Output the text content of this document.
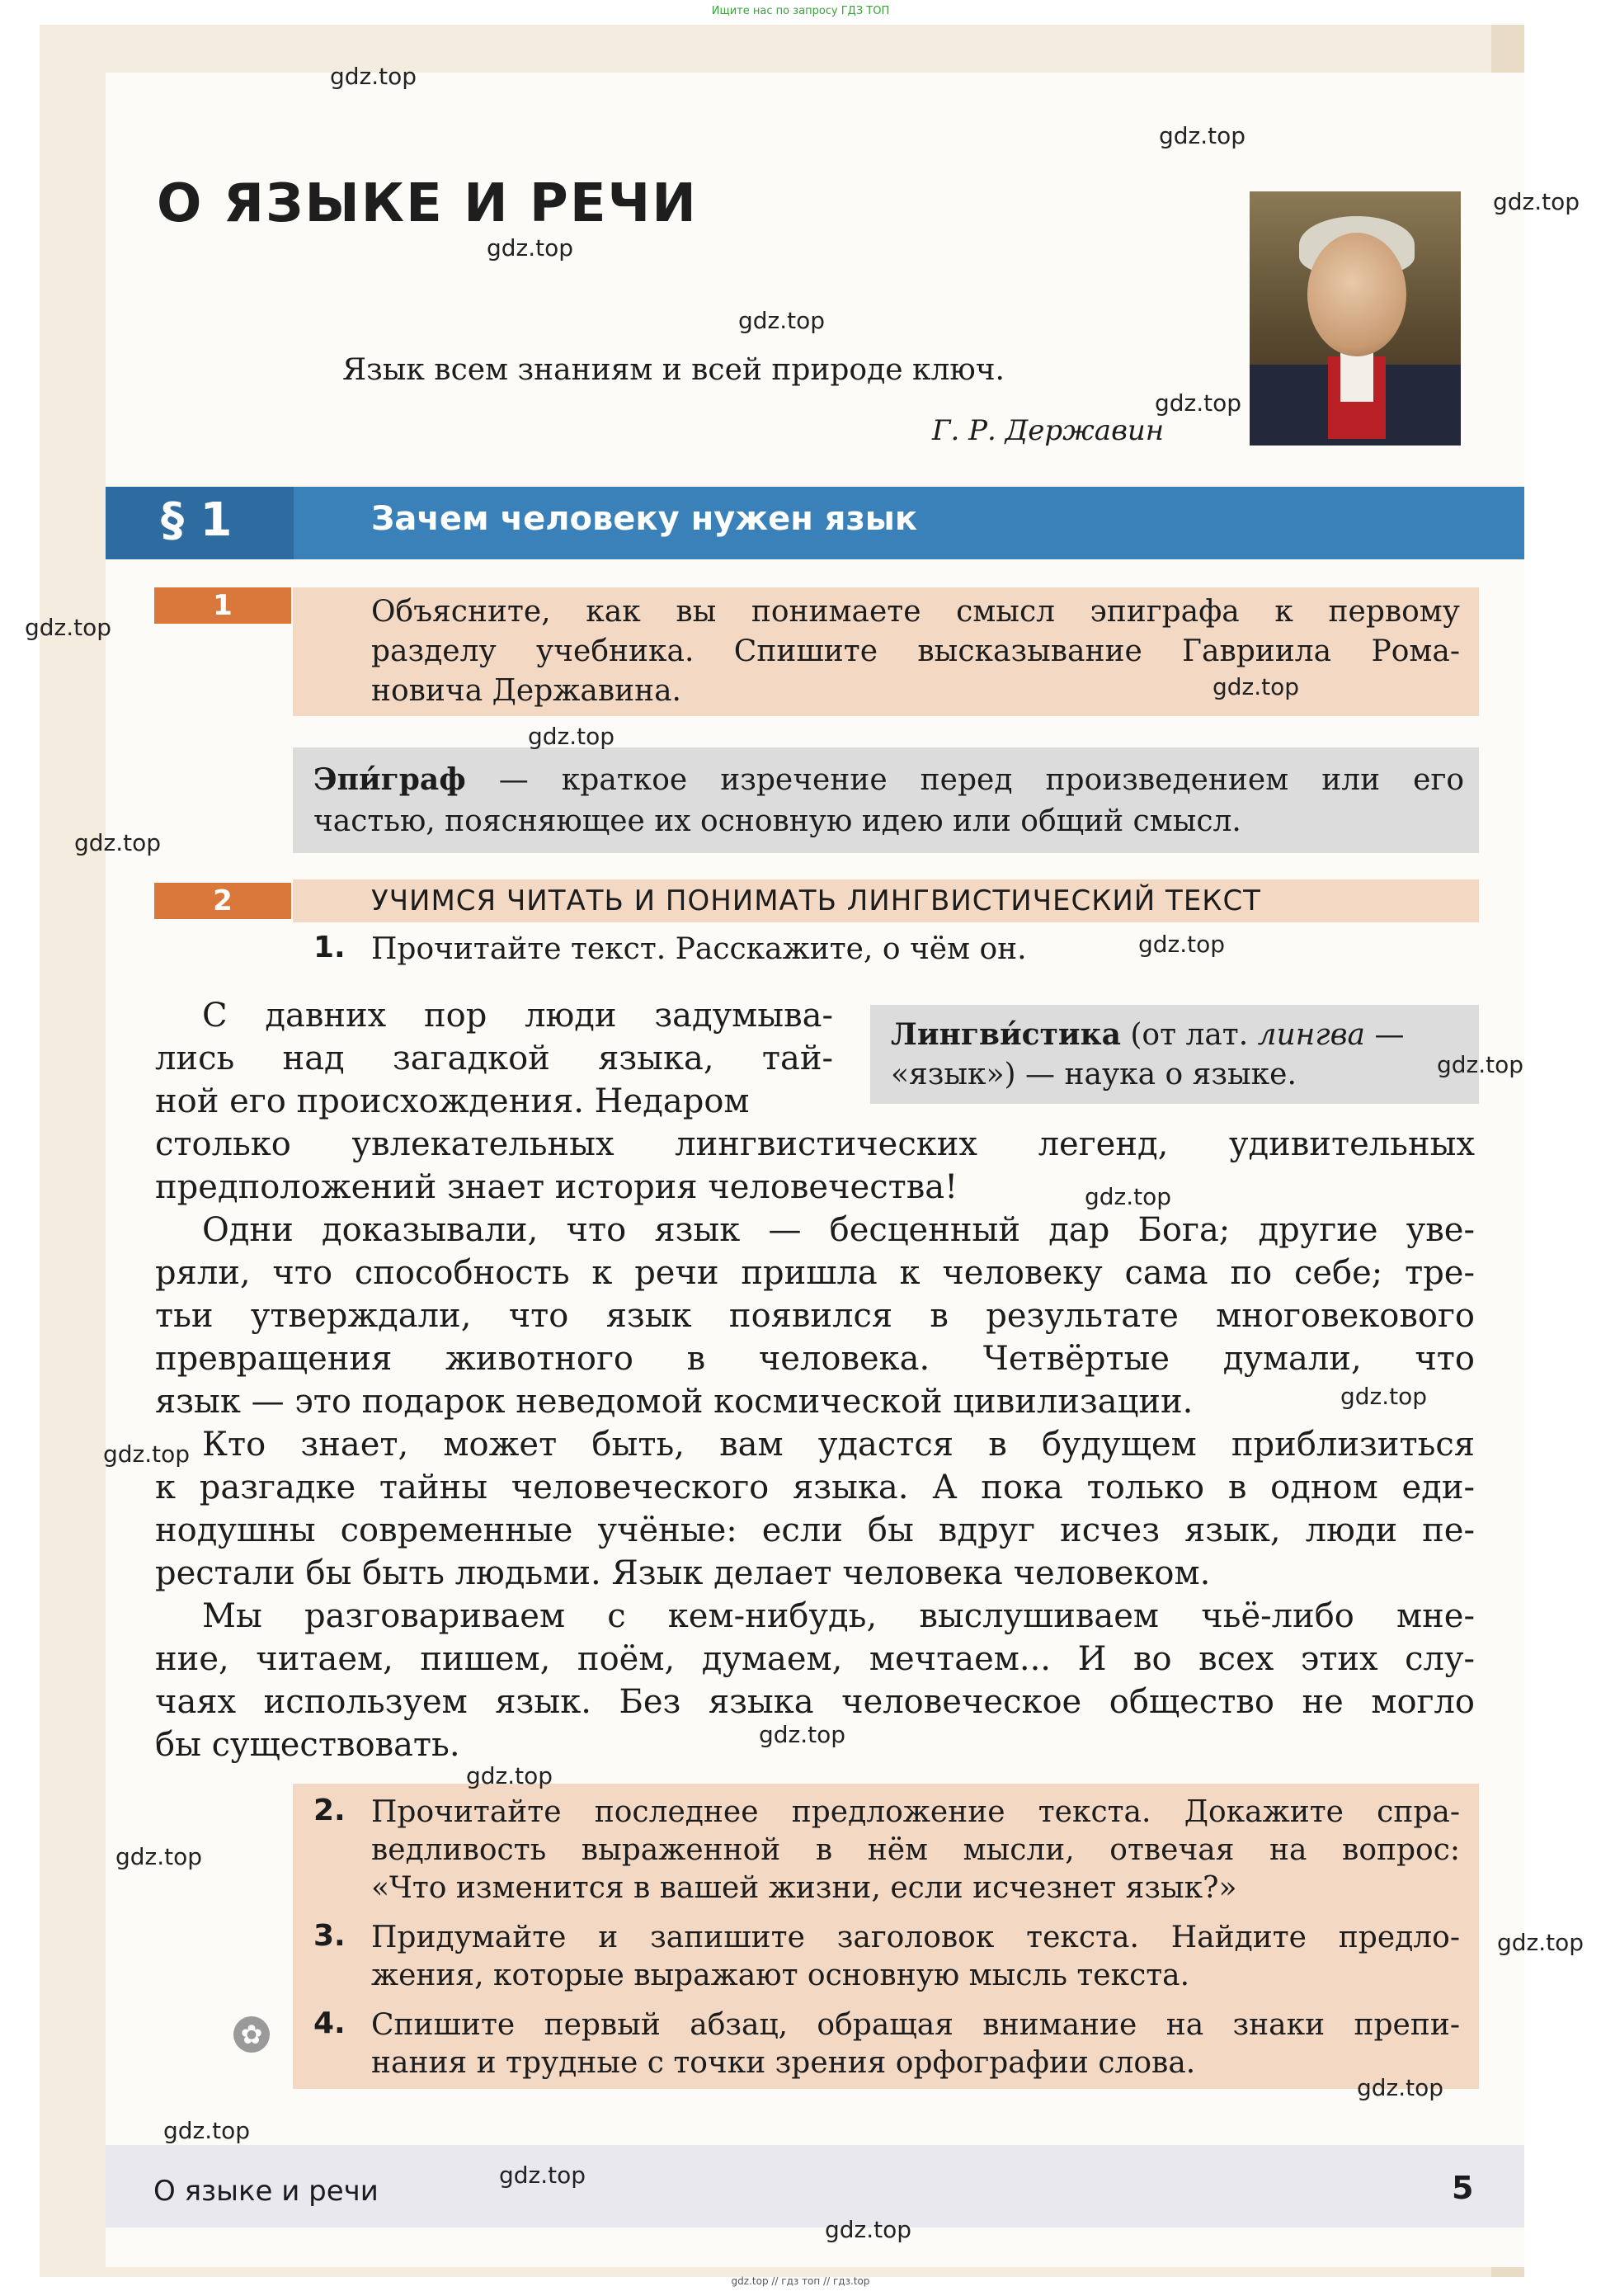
Ищите нас по запросу ГДЗ ТОП
О ЯЗЫКЕ И РЕЧИ
Язык всем знаниям и всей природе ключ.
Г. Р. Державин
§ 1	Зачем человеку нужен язык
1	Объясните, как вы понимаете смысл эпиграфа к первому
разделу учебника. Спишите высказывание Гавриила Рома-
новича Державина.
Эпи́граф — краткое изречение перед произведением или его
частью, поясняющее их основную идею или общий смысл.
2	УЧИМСЯ ЧИТАТЬ И ПОНИМАТЬ ЛИНГВИСТИЧЕСКИЙ ТЕКСТ
1. Прочитайте текст. Расскажите, о чём он.
Лингви́стика (от лат. лингва —
«язык») — наука о языке.
С давних пор люди задумыва-
лись над загадкой языка, тай-
ной его происхождения. Недаром
столько увлекательных лингвистических легенд, удивительных
предположений знает история человечества!
Одни доказывали, что язык — бесценный дар Бога; другие уве-
ряли, что способность к речи пришла к человеку сама по себе; тре-
тьи утверждали, что язык появился в результате многовекового
превращения животного в человека. Четвёртые думали, что
язык — это подарок неведомой космической цивилизации.
Кто знает, может быть, вам удастся в будущем приблизиться
к разгадке тайны человеческого языка. А пока только в одном еди-
нодушны современные учёные: если бы вдруг исчез язык, люди пе-
рестали бы быть людьми. Язык делает человека человеком.
Мы разговариваем с кем-нибудь, выслушиваем чьё-либо мне-
ние, читаем, пишем, поём, думаем, мечтаем... И во всех этих слу-
чаях используем язык. Без языка человеческое общество не могло
бы существовать.
2. Прочитайте последнее предложение текста. Докажите спра-
ведливость выраженной в нём мысли, отвечая на вопрос:
«Что изменится в вашей жизни, если исчезнет язык?»
3. Придумайте и запишите заголовок текста. Найдите предло-
жения, которые выражают основную мысль текста.
✿ 4. Спишите первый абзац, обращая внимание на знаки препи-
нания и трудные с точки зрения орфографии слова.
О языке и речи	5
gdz.top
gdz.top
gdz.top
gdz.top
gdz.top
gdz.top
gdz.top
gdz.top
gdz.top
gdz.top
gdz.top
gdz.top
gdz.top
gdz.top
gdz.top
gdz.top
gdz.top
gdz.top
gdz.top
gdz.top
gdz.top
gdz.top
gdz.top
gdz.top // гдз топ // гдз.top
